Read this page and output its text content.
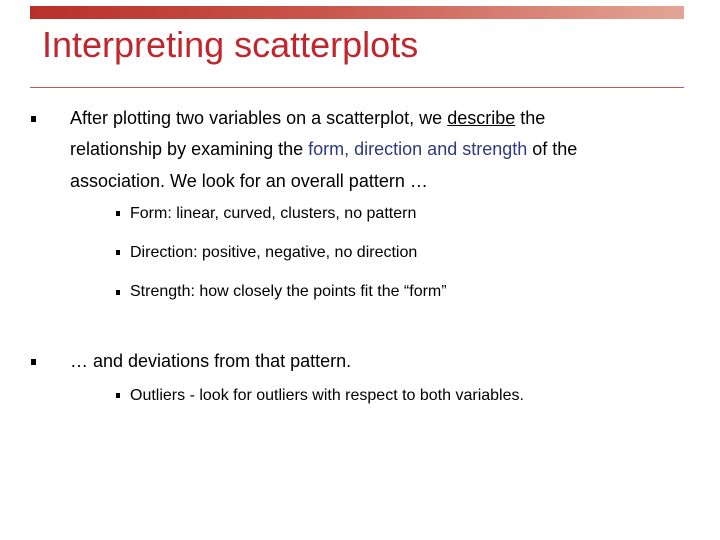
Interpreting scatterplots
After plotting two variables on a scatterplot, we describe the
relationship by examining the form, direction and strength of the
association. We look for an overall pattern …
Form: linear, curved, clusters, no pattern
Direction: positive, negative, no direction
Strength: how closely the points fit the “form”
… and deviations from that pattern.
Outliers - look for outliers with respect to both variables.
